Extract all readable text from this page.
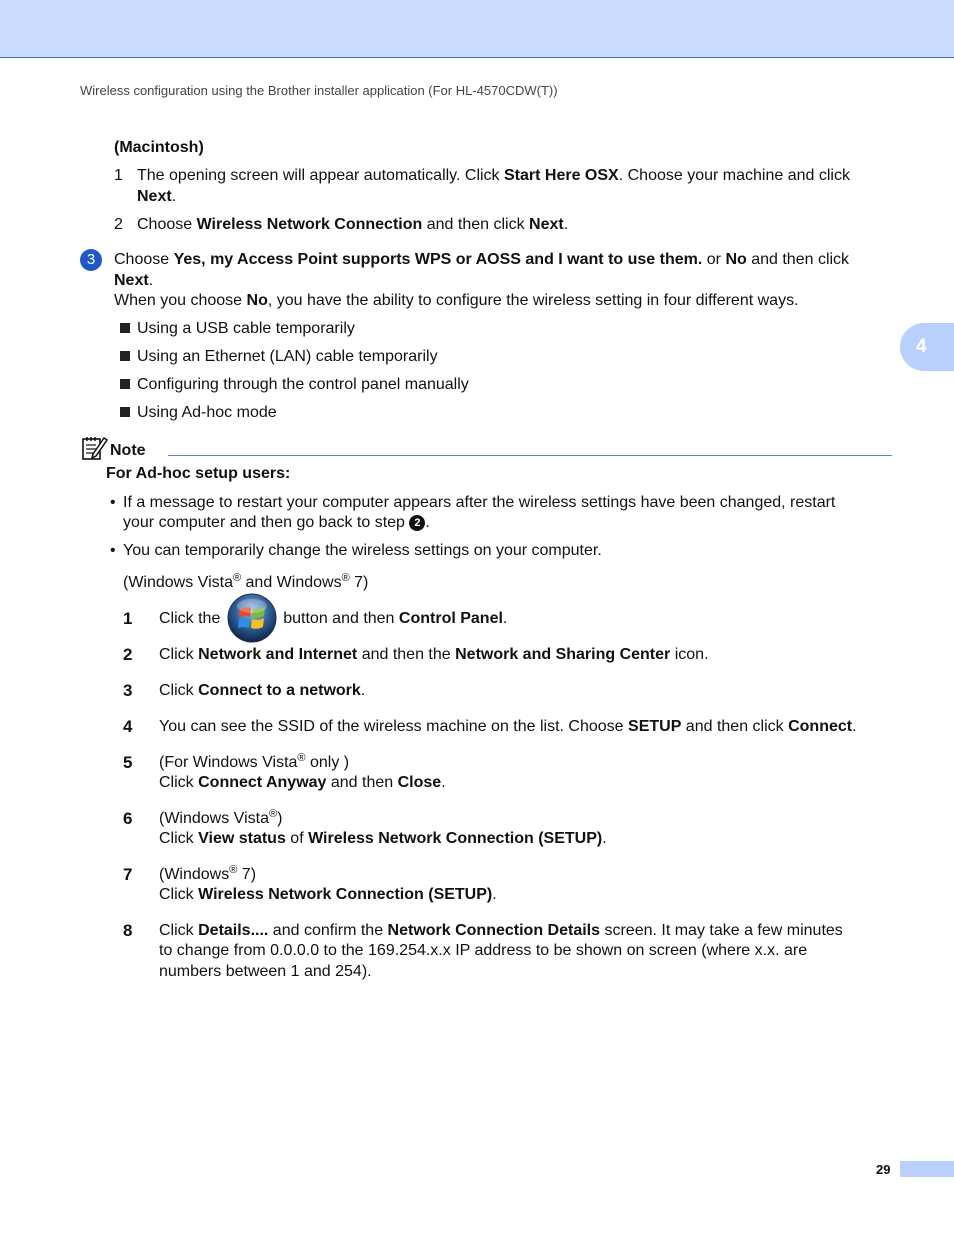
Wireless configuration using the Brother installer application (For HL-4570CDW(T))
4
(Macintosh)
1 The opening screen will appear automatically. Click Start Here OSX. Choose your machine and click
Next.
2 Choose Wireless Network Connection and then click Next.
3	Choose Yes, my Access Point supports WPS or AOSS and I want to use them. or No and then click
Next.
When you choose No, you have the ability to configure the wireless setting in four different ways.
Using a USB cable temporarily
Using an Ethernet (LAN) cable temporarily
Configuring through the control panel manually
Using Ad-hoc mode
Note
For Ad-hoc setup users:
• If a message to restart your computer appears after the wireless settings have been changed, restart
your computer and then go back to step 2 .
• You can temporarily change the wireless settings on your computer.
(Windows Vista® and Windows® 7)
1 Click the	button and then Control Panel.
2 Click Network and Internet and then the Network and Sharing Center icon.
3 Click Connect to a network.
4 You can see the SSID of the wireless machine on the list. Choose SETUP and then click Connect.
5 (For Windows Vista® only )
Click Connect Anyway and then Close.
6 (Windows Vista®)
Click View status of Wireless Network Connection (SETUP).
7 (Windows® 7)
Click Wireless Network Connection (SETUP).
8 Click Details.... and confirm the Network Connection Details screen. It may take a few minutes
to change from 0.0.0.0 to the 169.254.x.x IP address to be shown on screen (where x.x. are
numbers between 1 and 254).
29
